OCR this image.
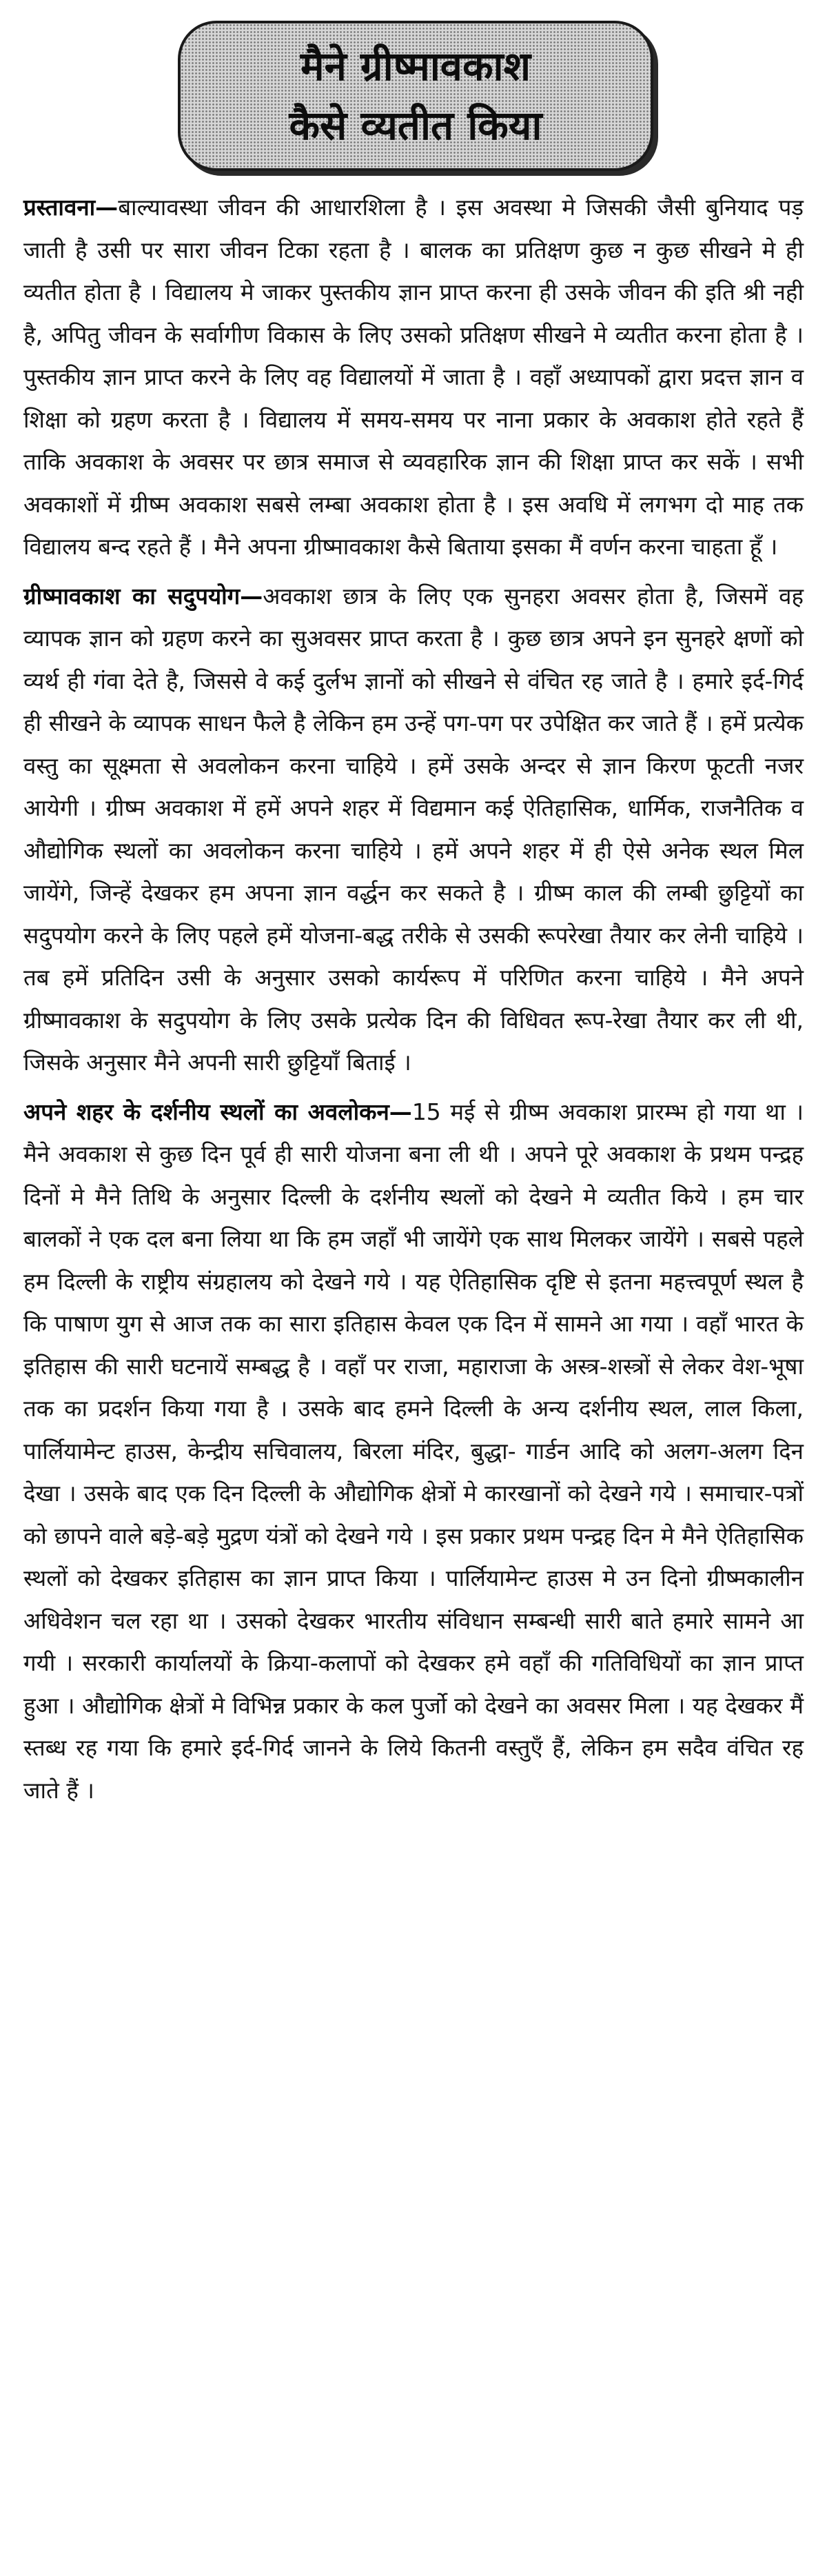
मैने ग्रीष्मावकाश
कैसे व्यतीत किया

प्रस्तावना—बाल्यावस्था जीवन की आधारशिला है । इस अवस्था मे जिसकी जैसी बुनियाद पड़ जाती है उसी पर सारा जीवन टिका रहता है । बालक का प्रतिक्षण कुछ न कुछ सीखने मे ही व्यतीत होता है । विद्यालय मे जाकर पुस्तकीय ज्ञान प्राप्त करना ही उसके जीवन की इति श्री नही है, अपितु जीवन के सर्वागीण विकास के लिए उसको प्रतिक्षण सीखने मे व्यतीत करना होता है । पुस्तकीय ज्ञान प्राप्त करने के लिए वह विद्यालयों में जाता है । वहाँ अध्यापकों द्वारा प्रदत्त ज्ञान व शिक्षा को ग्रहण करता है । विद्यालय में समय-समय पर नाना प्रकार के अवकाश होते रहते हैं ताकि अवकाश के अवसर पर छात्र समाज से व्यवहारिक ज्ञान की शिक्षा प्राप्त कर सकें । सभी अवकाशों में ग्रीष्म अवकाश सबसे लम्बा अवकाश होता है । इस अवधि में लगभग दो माह तक विद्यालय बन्द रहते हैं । मैने अपना ग्रीष्मावकाश कैसे बिताया इसका मैं वर्णन करना चाहता हूँ ।

ग्रीष्मावकाश का सदुपयोग—अवकाश छात्र के लिए एक सुनहरा अवसर होता है, जिसमें वह व्यापक ज्ञान को ग्रहण करने का सुअवसर प्राप्त करता है । कुछ छात्र अपने इन सुनहरे क्षणों को व्यर्थ ही गंवा देते है, जिससे वे कई दुर्लभ ज्ञानों को सीखने से वंचित रह जाते है । हमारे इर्द-गिर्द ही सीखने के व्यापक साधन फैले है लेकिन हम उन्हें पग-पग पर उपेक्षित कर जाते हैं । हमें प्रत्येक वस्तु का सूक्ष्मता से अवलोकन करना चाहिये । हमें उसके अन्दर से ज्ञान किरण फूटती नजर आयेगी । ग्रीष्म अवकाश में हमें अपने शहर में विद्यमान कई ऐतिहासिक, धार्मिक, राजनैतिक व औद्योगिक स्थलों का अवलोकन करना चाहिये । हमें अपने शहर में ही ऐसे अनेक स्थल मिल जायेंगे, जिन्हें देखकर हम अपना ज्ञान वर्द्धन कर सकते है । ग्रीष्म काल की लम्बी छुट्टियों का सदुपयोग करने के लिए पहले हमें योजना-बद्ध तरीके से उसकी रूपरेखा तैयार कर लेनी चाहिये । तब हमें प्रतिदिन उसी के अनुसार उसको कार्यरूप में परिणित करना चाहिये । मैने अपने ग्रीष्मावकाश के सदुपयोग के लिए उसके प्रत्येक दिन की विधिवत रूप-रेखा तैयार कर ली थी, जिसके अनुसार मैने अपनी सारी छुट्टियाँ बिताई ।

अपने शहर के दर्शनीय स्थलों का अवलोकन—15 मई से ग्रीष्म अवकाश प्रारम्भ हो गया था । मैने अवकाश से कुछ दिन पूर्व ही सारी योजना बना ली थी । अपने पूरे अवकाश के प्रथम पन्द्रह दिनों मे मैने तिथि के अनुसार दिल्ली के दर्शनीय स्थलों को देखने मे व्यतीत किये । हम चार बालकों ने एक दल बना लिया था कि हम जहाँ भी जायेंगे एक साथ मिलकर जायेंगे । सबसे पहले हम दिल्ली के राष्ट्रीय संग्रहालय को देखने गये । यह ऐतिहासिक दृष्टि से इतना महत्त्वपूर्ण स्थल है कि पाषाण युग से आज तक का सारा इतिहास केवल एक दिन में सामने आ गया । वहाँ भारत के इतिहास की सारी घटनायें सम्बद्ध है । वहाँ पर राजा, महाराजा के अस्त्र-शस्त्रों से लेकर वेश-भूषा तक का प्रदर्शन किया गया है । उसके बाद हमने दिल्ली के अन्य दर्शनीय स्थल, लाल किला, पार्लियामेन्ट हाउस, केन्द्रीय सचिवालय, बिरला मंदिर, बुद्धा- गार्डन आदि को अलग-अलग दिन देखा । उसके बाद एक दिन दिल्ली के औद्योगिक क्षेत्रों मे कारखानों को देखने गये । समाचार-पत्रों को छापने वाले बड़े-बड़े मुद्रण यंत्रों को देखने गये । इस प्रकार प्रथम पन्द्रह दिन मे मैने ऐतिहासिक स्थलों को देखकर इतिहास का ज्ञान प्राप्त किया । पार्लियामेन्ट हाउस मे उन दिनो ग्रीष्मकालीन अधिवेशन चल रहा था । उसको देखकर भारतीय संविधान सम्बन्धी सारी बाते हमारे सामने आ गयी । सरकारी कार्यालयों के क्रिया-कलापों को देखकर हमे वहाँ की गतिविधियों का ज्ञान प्राप्त हुआ । औद्योगिक क्षेत्रों मे विभिन्न प्रकार के कल पुर्जो को देखने का अवसर मिला । यह देखकर मैं स्तब्ध रह गया कि हमारे इर्द-गिर्द जानने के लिये कितनी वस्तुएँ हैं, लेकिन हम सदैव वंचित रह जाते हैं ।
